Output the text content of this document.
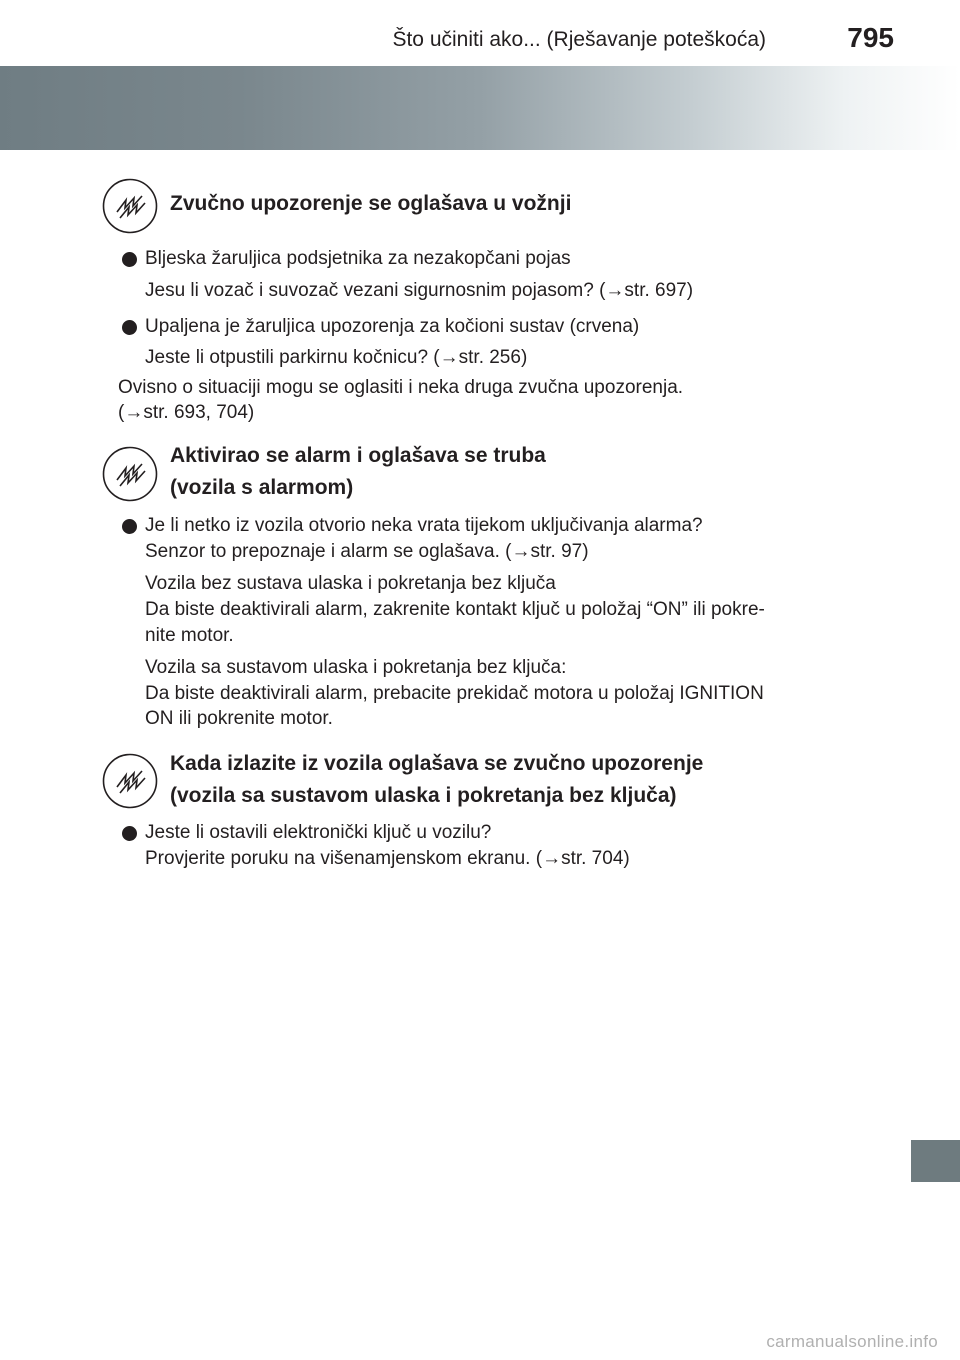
Što učiniti ako... (Rješavanje poteškoća)	795
Zvučno upozorenje se oglašava u vožnji
Bljeska žaruljica podsjetnika za nezakopčani pojas
Jesu li vozač i suvozač vezani sigurnosnim pojasom? (→str. 697)
Upaljena je žaruljica upozorenja za kočioni sustav (crvena)
Jeste li otpustili parkirnu kočnicu? (→str. 256)
Ovisno o situaciji mogu se oglasiti i neka druga zvučna upozorenja.
(→str. 693, 704)
Aktivirao se alarm i oglašava se truba
(vozila s alarmom)
Je li netko iz vozila otvorio neka vrata tijekom uključivanja alarma?
Senzor to prepoznaje i alarm se oglašava. (→str. 97)
Vozila bez sustava ulaska i pokretanja bez ključa
Da biste deaktivirali alarm, zakrenite kontakt ključ u položaj “ON” ili pokre-
nite motor.
Vozila sa sustavom ulaska i pokretanja bez ključa:
Da biste deaktivirali alarm, prebacite prekidač motora u položaj IGNITION
ON ili pokrenite motor.
Kada izlazite iz vozila oglašava se zvučno upozorenje
(vozila sa sustavom ulaska i pokretanja bez ključa)
Jeste li ostavili elektronički ključ u vozilu?
Provjerite poruku na višenamjenskom ekranu. (→str. 704)
carmanualsonline.info
